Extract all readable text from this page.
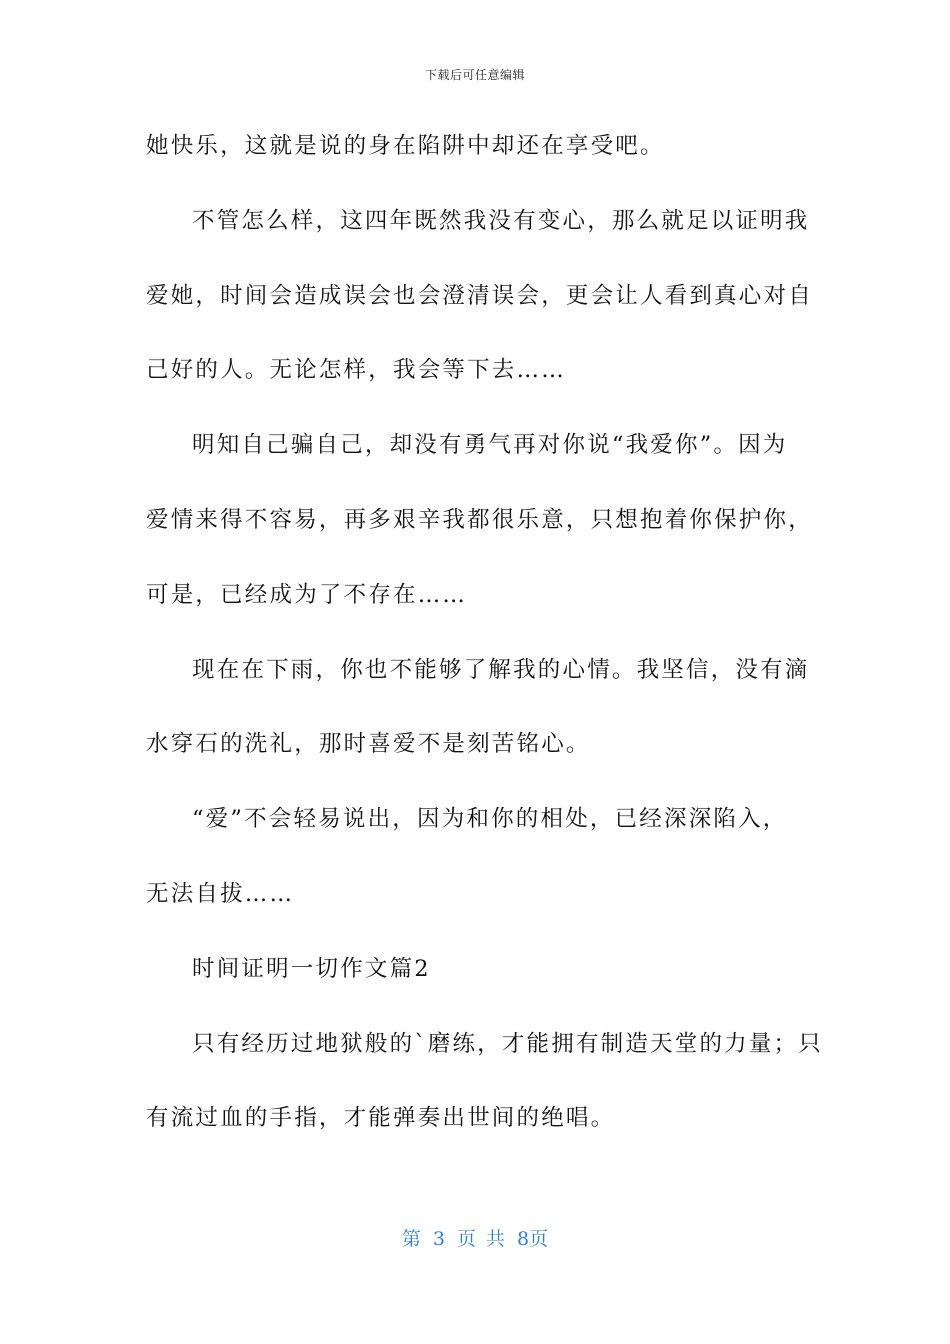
下载后可任意编辑
她快乐，这就是说的身在陷阱中却还在享受吧。
不管怎么样，这四年既然我没有变心，那么就足以证明我
爱她，时间会造成误会也会澄清误会，更会让人看到真心对自
己好的人。无论怎样，我会等下去……
明知自己骗自己，却没有勇气再对你说“我爱你”。因为
爱情来得不容易，再多艰辛我都很乐意，只想抱着你保护你，
可是，已经成为了不存在……
现在在下雨，你也不能够了解我的心情。我坚信，没有滴
水穿石的洗礼，那时喜爱不是刻苦铭心。
“爱”不会轻易说出，因为和你的相处，已经深深陷入，
无法自拔……
时间证明一切作文篇2
只有经历过地狱般的`磨练，才能拥有制造天堂的力量；只
有流过血的手指，才能弹奏出世间的绝唱。
第 3 页 共 8页
